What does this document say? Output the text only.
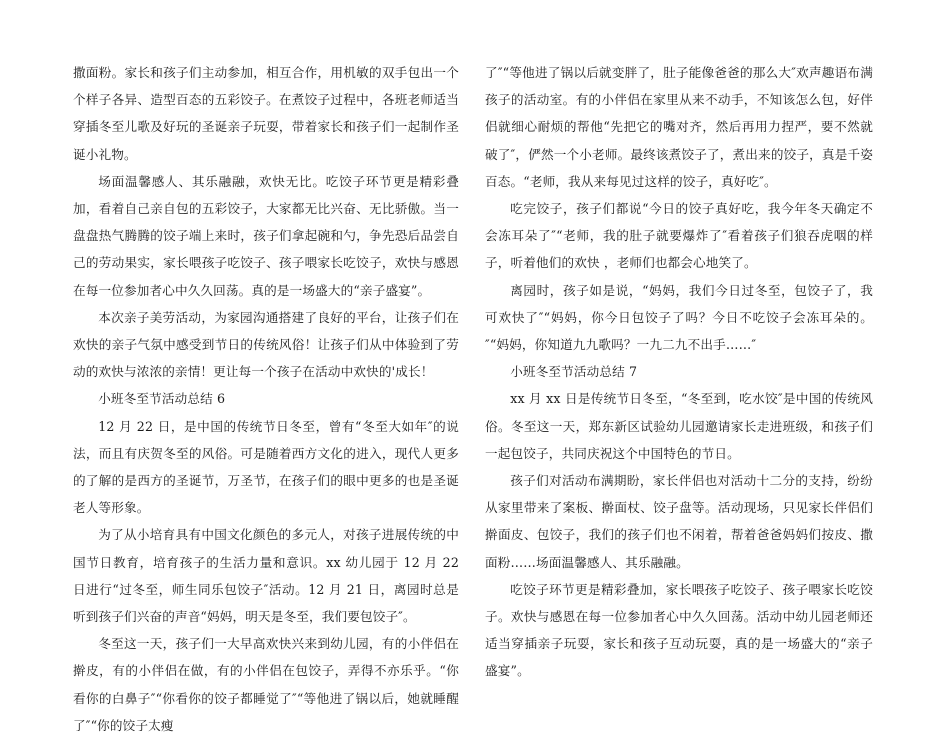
撒面粉。家长和孩子们主动参加，相互合作，用机敏的双手包出一个个样子各异、造型百态的五彩饺子。在煮饺子过程中，各班老师适当穿插冬至儿歌及好玩的圣诞亲子玩耍，带着家长和孩子们一起制作圣诞小礼物。

场面温馨感人、其乐融融，欢快无比。吃饺子环节更是精彩叠加，看着自己亲自包的五彩饺子，大家都无比兴奋、无比骄傲。当一盘盘热气腾腾的饺子端上来时，孩子们拿起碗和勺，争先恐后品尝自己的劳动果实，家长喂孩子吃饺子、孩子喂家长吃饺子，欢快与感恩在每一位参加者心中久久回荡。真的是一场盛大的“亲子盛宴”。

本次亲子美劳活动，为家园沟通搭建了良好的平台，让孩子们在欢快的亲子气氛中感受到节日的传统风俗！让孩子们从中体验到了劳动的欢快与浓浓的亲情！更让每一个孩子在活动中欢快的'成长！

小班冬至节活动总结 6

12 月 22 日，是中国的传统节日冬至，曾有“冬至大如年″的说法，而且有庆贺冬至的风俗。可是随着西方文化的进入，现代人更多的了解的是西方的圣诞节，万圣节，在孩子们的眼中更多的也是圣诞老人等形象。

为了从小培育具有中国文化颜色的多元人，对孩子进展传统的中国节日教育，培育孩子的生活力量和意识。xx 幼儿园于 12 月 22 日进行“过冬至，师生同乐包饺子″活动。12 月 21 日，离园时总是听到孩子们兴奋的声音“妈妈，明天是冬至，我们要包饺子″。

冬至这一天，孩子们一大早高欢快兴来到幼儿园，有的小伴侣在擀皮，有的小伴侣在做，有的小伴侣在包饺子，弄得不亦乐乎。“你看你的白鼻子″“你看你的饺子都睡觉了″“等他进了锅以后，她就睡醒了″“你的饺子太瘦

了″“等他进了锅以后就变胖了，肚子能像爸爸的那么大″欢声趣语布满孩子的活动室。有的小伴侣在家里从来不动手，不知该怎么包，好伴侣就细心耐烦的帮他“先把它的嘴对齐，然后再用力捏严，要不然就破了″，俨然一个小老师。最终该煮饺子了，煮出来的饺子，真是千姿百态。“老师，我从来每见过这样的饺子，真好吃″。

吃完饺子，孩子们都说“今日的饺子真好吃，我今年冬天确定不会冻耳朵了″“老师，我的肚子就要爆炸了″看着孩子们狼吞虎咽的样子，听着他们的欢快 ，老师们也都会心地笑了。

离园时，孩子如是说，“妈妈，我们今日过冬至，包饺子了，我可欢快了″“妈妈，你今日包饺子了吗？今日不吃饺子会冻耳朵的。″“妈妈，你知道九九歌吗？一九二九不出手……″

小班冬至节活动总结 7

xx 月 xx 日是传统节日冬至，“冬至到，吃水饺″是中国的传统风俗。冬至这一天，郑东新区试验幼儿园邀请家长走进班级，和孩子们一起包饺子，共同庆祝这个中国特色的节日。

孩子们对活动布满期盼，家长伴侣也对活动十二分的支持，纷纷从家里带来了案板、擀面杖、饺子盘等。活动现场，只见家长伴侣们擀面皮、包饺子，我们的孩子们也不闲着，帮着爸爸妈妈们按皮、撒面粉……场面温馨感人、其乐融融。

吃饺子环节更是精彩叠加，家长喂孩子吃饺子、孩子喂家长吃饺子。欢快与感恩在每一位参加者心中久久回荡。活动中幼儿园老师还适当穿插亲子玩耍，家长和孩子互动玩耍，真的是一场盛大的“亲子盛宴”。
